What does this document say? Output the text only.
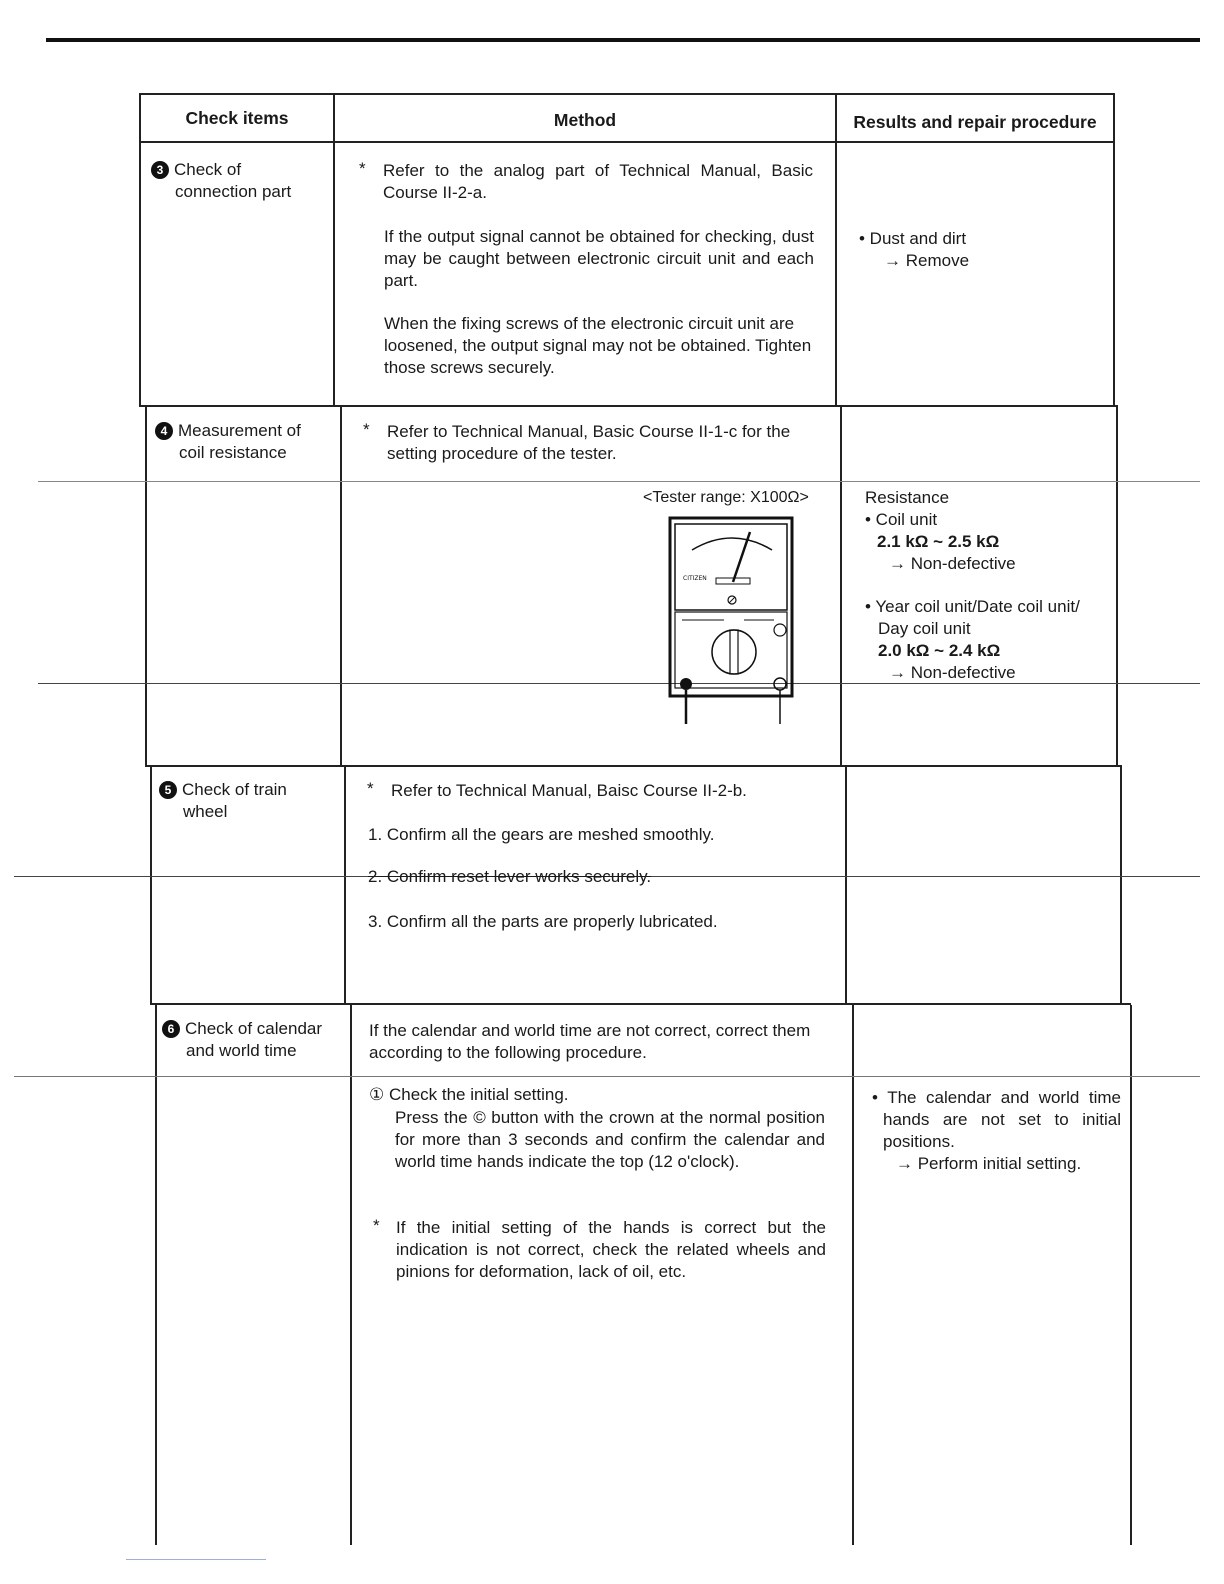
Check items	Method	Results and repair procedure
3 Check of
connection part
* Refer to the analog part of Technical Manual, Basic Course II-2-a.
If the output signal cannot be obtained for checking, dust may be caught between electronic circuit unit and each part.
When the fixing screws of the electronic circuit unit are loosened, the output signal may not be obtained. Tighten those screws securely.
• Dust and dirt
→ Remove
4 Measurement of
coil resistance
* Refer to Technical Manual, Basic Course II-1-c for the setting procedure of the tester.
<Tester range: X100Ω>
CITIZEN
Resistance
• Coil unit
2.1 kΩ ~ 2.5 kΩ
→ Non-defective
• Year coil unit/Date coil unit/
Day coil unit
2.0 kΩ ~ 2.4 kΩ
→ Non-defective
5 Check of train
wheel
* Refer to Technical Manual, Baisc Course II-2-b.
1. Confirm all the gears are meshed smoothly.
2. Confirm reset lever works securely.
3. Confirm all the parts are properly lubricated.
6 Check of calendar
and world time
If the calendar and world time are not correct, correct them according to the following procedure.
① Check the initial setting.
Press the © button with the crown at the normal position for more than 3 seconds and confirm the calendar and world time hands indicate the top (12 o'clock).
* If the initial setting of the hands is correct but the indication is not correct, check the related wheels and pinions for deformation, lack of oil, etc.
• The calendar and world time hands are not set to initial positions.
→ Perform initial setting.
